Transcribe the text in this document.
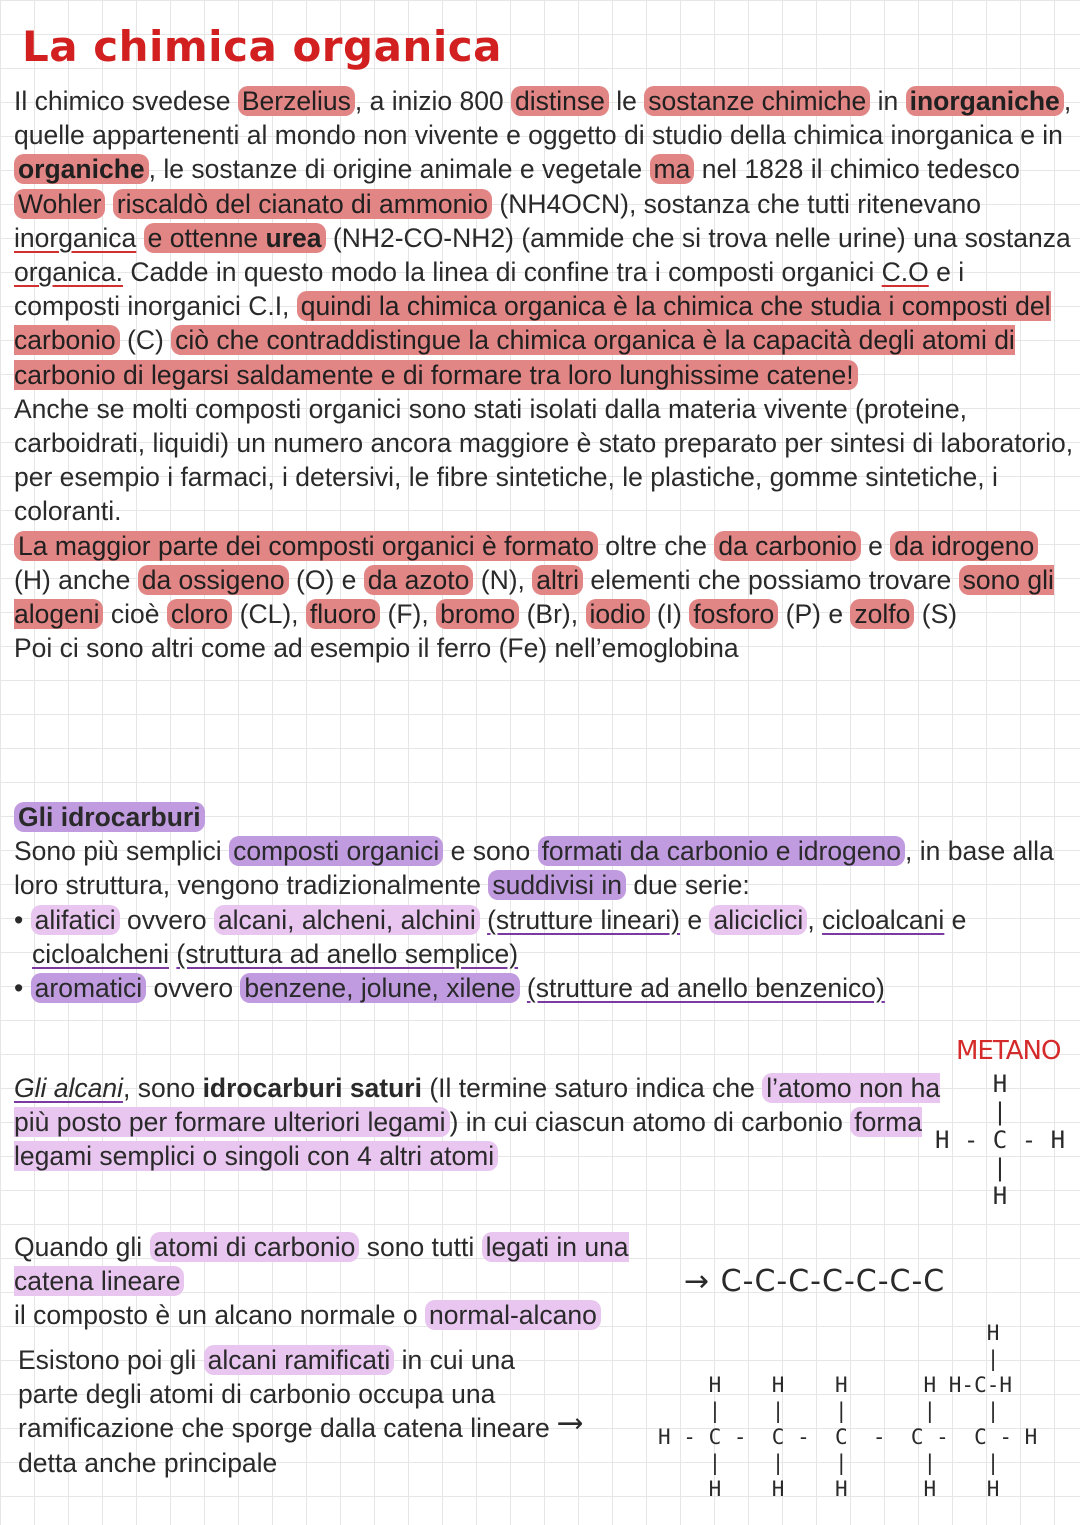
La chimica organica

Il chimico svedese Berzelius , a inizio 800 distinse le sostanze chimiche in inorganiche , quelle appartenenti al mondo non vivente e oggetto di studio della chimica inorganica e in organiche , le sostanze di origine animale e vegetale ma nel 1828 il chimico tedesco Wohler riscaldò del cianato di ammonio (NH4OCN), sostanza che tutti ritenevano inorganica e ottenne urea (NH2-CO-NH2) (ammide che si trova nelle urine) una sostanza organica. Cadde in questo modo la linea di confine tra i composti organici C.O e i composti inorganici C.I, quindi la chimica organica è la chimica che studia i composti del carbonio (C) ciò che contraddistingue la chimica organica è la capacità degli atomi di carbonio di legarsi saldamente e di formare tra loro lunghissime catene!

Anche se molti composti organici sono stati isolati dalla materia vivente (proteine, carboidrati, liquidi) un numero ancora maggiore è stato preparato per sintesi di laboratorio, per esempio i farmaci, i detersivi, le fibre sintetiche, le plastiche, gomme sintetiche, i coloranti.

La maggior parte dei composti organici è formato oltre che da carbonio e da idrogeno (H) anche da ossigeno (O) e da azoto (N), altri elementi che possiamo trovare sono gli alogeni cioè cloro (CL), fluoro (F), bromo (Br), iodio (I) fosforo (P) e zolfo (S)

Poi ci sono altri come ad esempio il ferro (Fe) nell’emoglobina

Gli idrocarburi

Sono più semplici composti organici e sono formati da carbonio e idrogeno , in base alla loro struttura, vengono tradizionalmente suddivisi in due serie:

• alifatici ovvero alcani, alcheni, alchini (strutture lineari) e aliciclici , cicloalcani e cicloalcheni (struttura ad anello semplice)

• aromatici ovvero benzene, jolune, xilene (strutture ad anello benzenico)

Gli alcani, sono idrocarburi saturi (Il termine saturo indica che l’atomo non ha più posto per formare ulteriori legami ) in cui ciascun atomo di carbonio forma legami semplici o singoli con 4 altri atomi

METANO
H
|
H - C - H
|
H

Quando gli atomi di carbonio sono tutti legati in una catena lineare

il composto è un alcano normale o normal-alcano

→ C-C-C-C-C-C-C

Esistono poi gli alcani ramificati in cui una parte degli atomi di carbonio occupa una ramificazione che sporge dalla catena lineare detta anche principale

⟶
H
|
H    H    H      H H-C-H
|    |    |      |    |
H - C -  C -  C  -  C -  C - H
|    |    |      |    |
H    H    H      H    H
